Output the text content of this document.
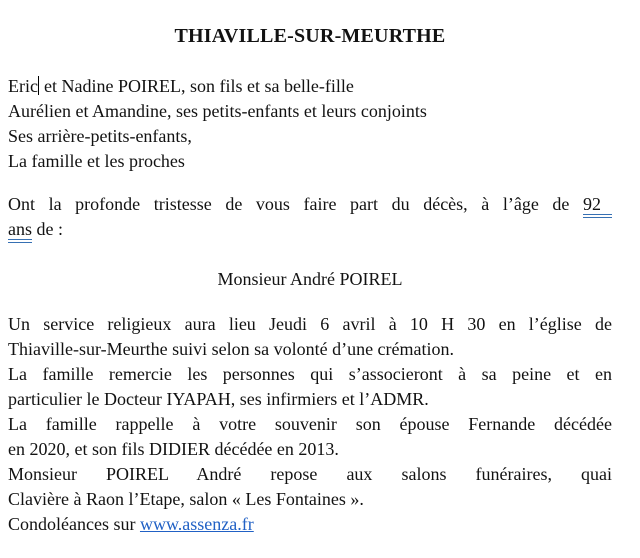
THIAVILLE-SUR-MEURTHE
Eric et Nadine POIREL, son fils et sa belle-fille
Aurélien et Amandine, ses petits-enfants et leurs conjoints
Ses arrière-petits-enfants,
La famille et les proches
Ont la profonde tristesse de vous faire part du décès, à l’âge de 92
ans de :
Monsieur André POIREL
Un service religieux aura lieu Jeudi 6 avril à 10 H 30 en l’église de
Thiaville-sur-Meurthe suivi selon sa volonté d’une crémation.
La famille remercie les personnes qui s’associeront à sa peine et en
particulier le Docteur IYAPAH, ses infirmiers et l’ADMR.
La famille rappelle à votre souvenir son épouse Fernande décédée
en 2020, et son fils DIDIER décédée en 2013.
Monsieur POIREL André repose aux salons funéraires, quai
Clavière à Raon l’Etape, salon « Les Fontaines ».
Condoléances sur www.assenza.fr
